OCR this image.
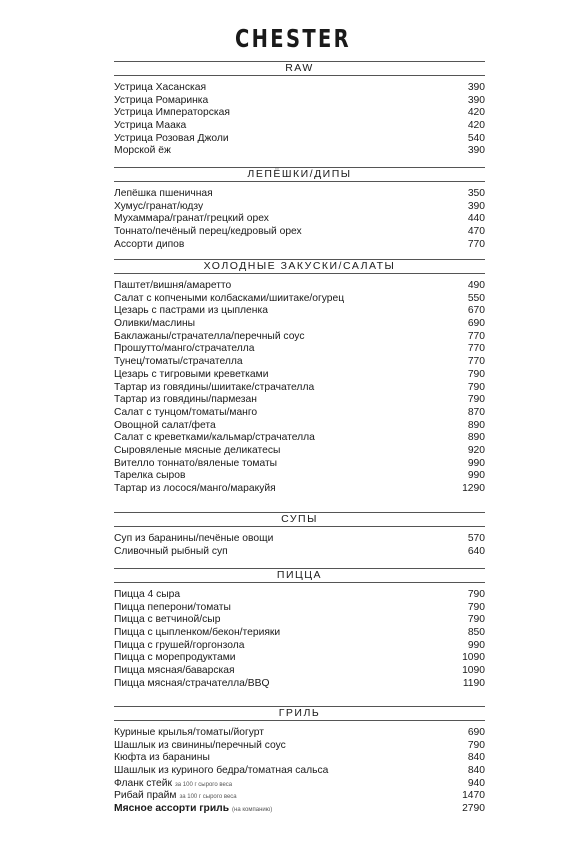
CHESTER
RAW
Устрица Хасанская	390
Устрица Ромаринка	390
Устрица Императорская	420
Устрица Маака	420
Устрица Розовая Джоли	540
Морской ёж	390
ЛЕПЁШКИ/ДИПЫ
Лепёшка пшеничная	350
Хумус/гранат/юдзу	390
Мухаммара/гранат/грецкий орех	440
Тоннато/печёный перец/кедровый орех	470
Ассорти дипов	770
ХОЛОДНЫЕ ЗАКУСКИ/САЛАТЫ
Паштет/вишня/амаретто	490
Салат с копчеными колбасками/шиитаке/огурец	550
Цезарь с пастрами из цыпленка	670
Оливки/маслины	690
Баклажаны/страчателла/перечный соус	770
Прошутто/манго/страчателла	770
Тунец/томаты/страчателла	770
Цезарь с тигровыми креветками	790
Тартар из говядины/шиитаке/страчателла	790
Тартар из говядины/пармезан	790
Салат с тунцом/томаты/манго	870
Овощной салат/фета	890
Салат с креветками/кальмар/страчателла	890
Сыровяленые мясные деликатесы	920
Вителло тоннато/вяленые томаты	990
Тарелка сыров	990
Тартар из лосося/манго/маракуйя	1290
СУПЫ
Суп из баранины/печёные овощи	570
Сливочный рыбный суп	640
ПИЦЦА
Пицца 4 сыра	790
Пицца пеперони/томаты	790
Пицца с ветчиной/сыр	790
Пицца с цыпленком/бекон/терияки	850
Пицца с грушей/горгонзола	990
Пицца с морепродуктами	1090
Пицца мясная/баварская	1090
Пицца мясная/страчателла/BBQ	1190
ГРИЛЬ
Куриные крылья/томаты/йогурт	690
Шашлык из свинины/перечный соус	790
Кюфта из баранины	840
Шашлык из куриного бедра/томатная сальса	840
Фланк стейк за 100 г сырого веса	940
Рибай прайм за 100 г сырого веса	1470
Мясное ассорти гриль (на компанию)	2790
